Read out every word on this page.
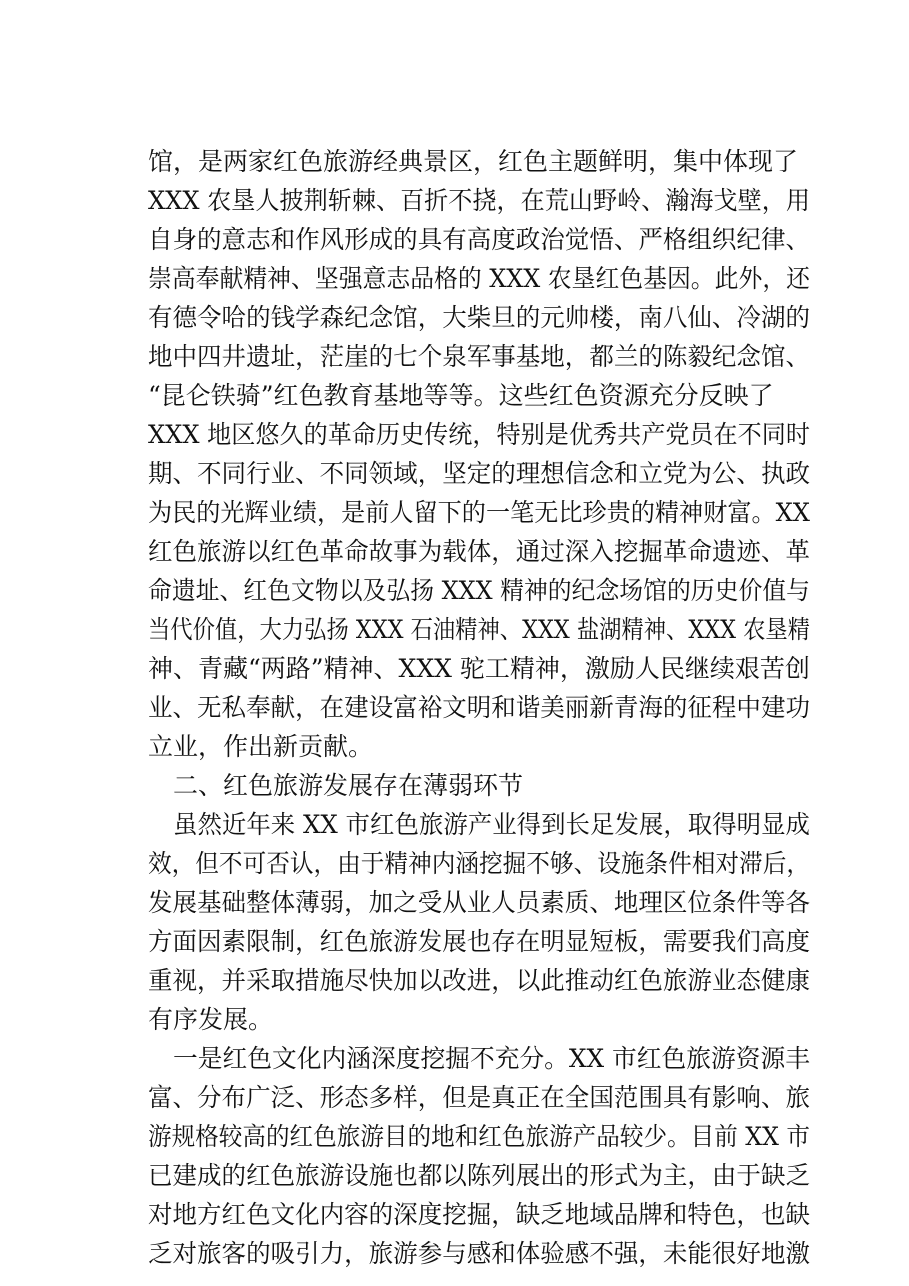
馆，是两家红色旅游经典景区，红色主题鲜明，集中体现了
XXX 农垦人披荆斩棘、百折不挠，在荒山野岭、瀚海戈壁，用
自身的意志和作风形成的具有高度政治觉悟、严格组织纪律、
崇高奉献精神、坚强意志品格的 XXX 农垦红色基因。此外，还
有德令哈的钱学森纪念馆，大柴旦的元帅楼，南八仙、冷湖的
地中四井遗址，茫崖的七个泉军事基地，都兰的陈毅纪念馆、
“昆仑铁骑”红色教育基地等等。这些红色资源充分反映了
XXX 地区悠久的革命历史传统，特别是优秀共产党员在不同时
期、不同行业、不同领域，坚定的理想信念和立党为公、执政
为民的光辉业绩，是前人留下的一笔无比珍贵的精神财富。XX
红色旅游以红色革命故事为载体，通过深入挖掘革命遗迹、革
命遗址、红色文物以及弘扬 XXX 精神的纪念场馆的历史价值与
当代价值，大力弘扬 XXX 石油精神、XXX 盐湖精神、XXX 农垦精
神、青藏“两路”精神、XXX 驼工精神，激励人民继续艰苦创
业、无私奉献，在建设富裕文明和谐美丽新青海的征程中建功
立业，作出新贡献。
二、红色旅游发展存在薄弱环节
虽然近年来 XX 市红色旅游产业得到长足发展，取得明显成
效，但不可否认，由于精神内涵挖掘不够、设施条件相对滞后，
发展基础整体薄弱，加之受从业人员素质、地理区位条件等各
方面因素限制，红色旅游发展也存在明显短板，需要我们高度
重视，并采取措施尽快加以改进，以此推动红色旅游业态健康
有序发展。
一是红色文化内涵深度挖掘不充分。XX 市红色旅游资源丰
富、分布广泛、形态多样，但是真正在全国范围具有影响、旅
游规格较高的红色旅游目的地和红色旅游产品较少。目前 XX 市
已建成的红色旅游设施也都以陈列展出的形式为主，由于缺乏
对地方红色文化内容的深度挖掘，缺乏地域品牌和特色，也缺
乏对旅客的吸引力，旅游参与感和体验感不强，未能很好地激
